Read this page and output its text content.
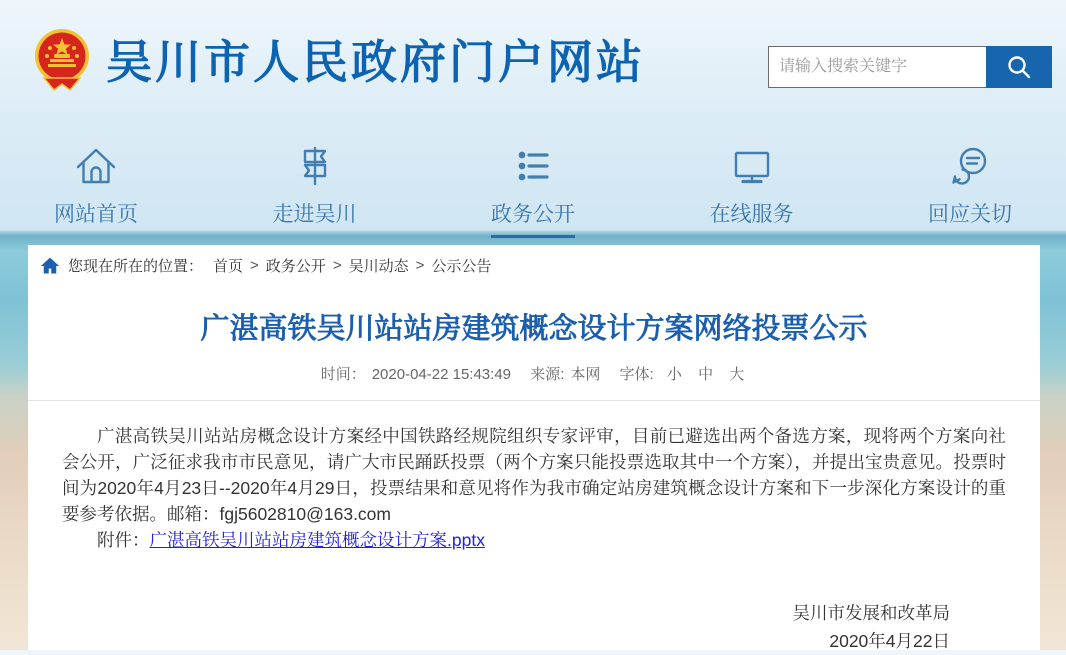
吴川市人民政府门户网站
请输入搜索关键字
网站首页	走进吴川	政务公开	在线服务	回应关切
您现在所在的位置： 首页 > 政务公开 > 吴川动态 > 公示公告
广湛高铁吴川站站房建筑概念设计方案网络投票公示
时间： 2020-04-22 15:43:49 来源: 本网 字体: 小 中 大

广湛高铁吴川站站房概念设计方案经中国铁路经规院组织专家评审，目前已避选出两个备选方案，现将两个方案向社会公开，广泛征求我市市民意见，请广大市民踊跃投票（两个方案只能投票选取其中一个方案），并提出宝贵意见。投票时间为2020年4月23日--2020年4月29日，投票结果和意见将作为我市确定站房建筑概念设计方案和下一步深化方案设计的重要参考依据。邮箱：fgj5602810@163.com

附件：广湛高铁吴川站站房建筑概念设计方案.pptx

吴川市发展和改革局
2020年4月22日
